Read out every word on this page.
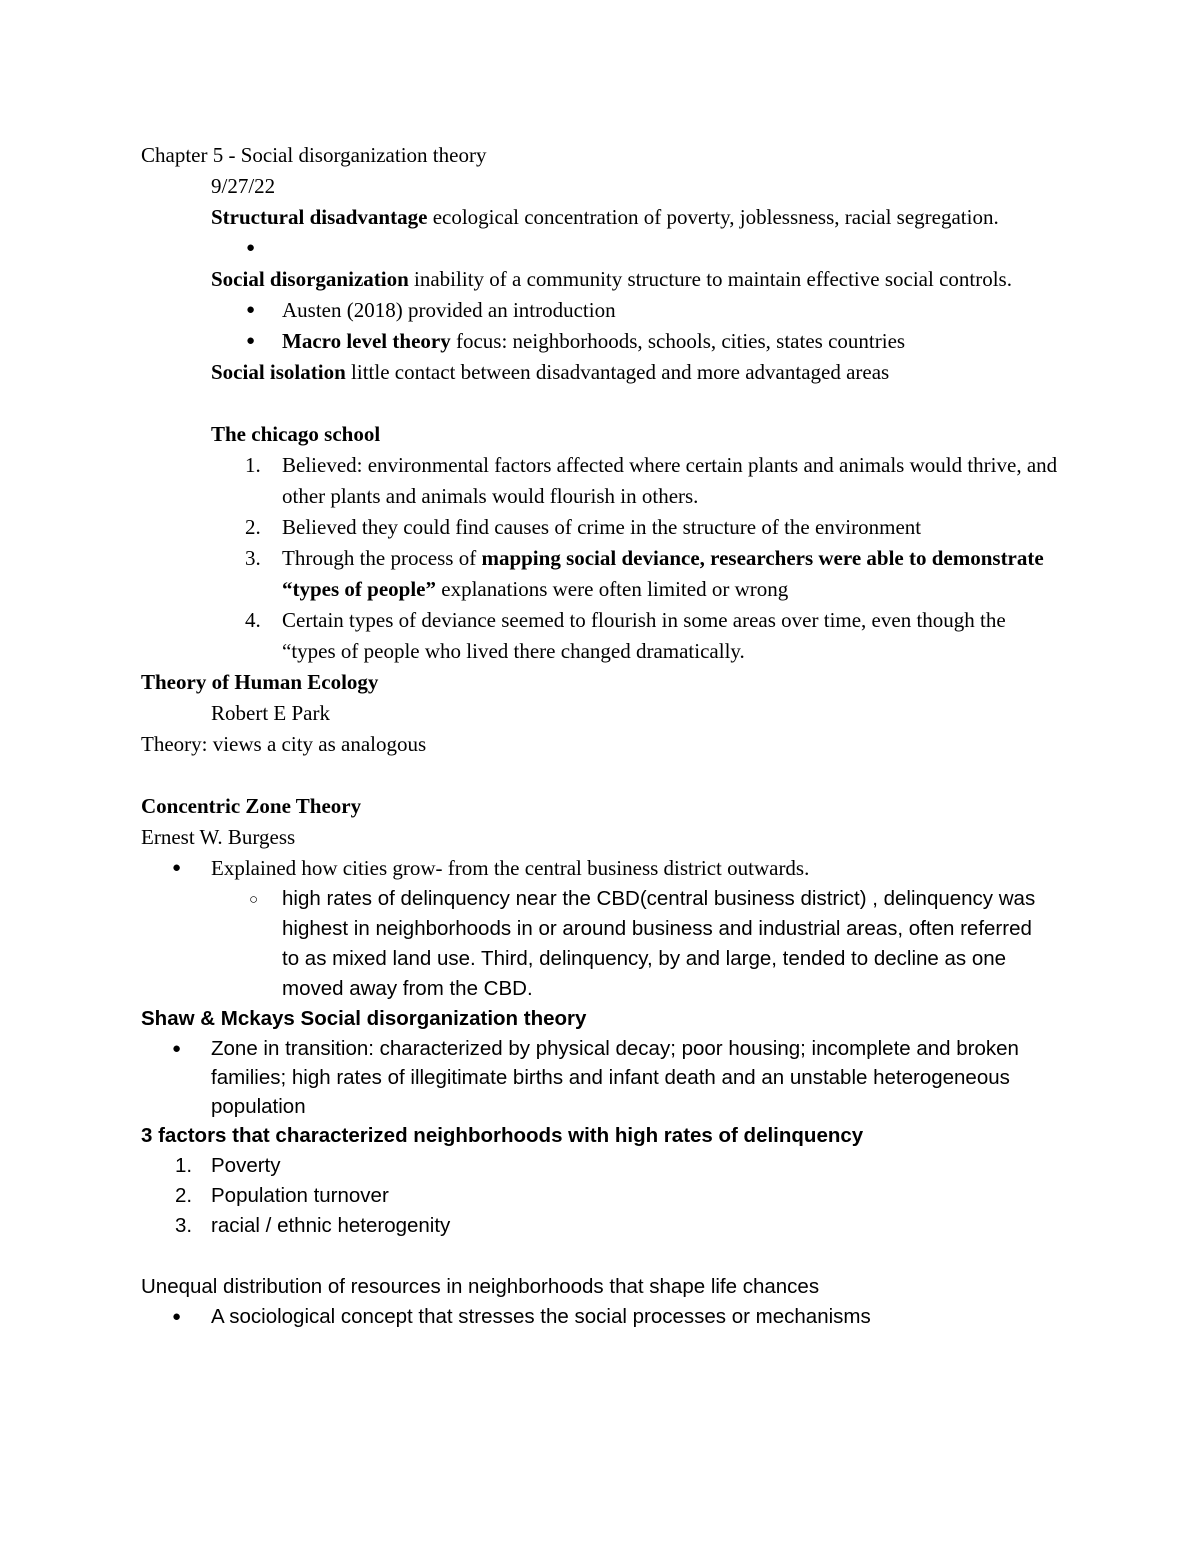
Chapter 5 - Social disorganization theory

9/27/22

Structural disadvantage ecological concentration of poverty, joblessness, racial segregation.

●

Social disorganization inability of a community structure to maintain effective social controls.

● Austen (2018) provided an introduction
● Macro level theory focus: neighborhoods, schools, cities, states countries

Social isolation little contact between disadvantaged and more advantaged areas

The chicago school

1. Believed: environmental factors affected where certain plants and animals would thrive, and other plants and animals would flourish in others.
2. Believed they could find causes of crime in the structure of the environment
3. Through the process of mapping social deviance, researchers were able to demonstrate “types of people” explanations were often limited or wrong
4. Certain types of deviance seemed to flourish in some areas over time, even though the “types of people who lived there changed dramatically.

Theory of Human Ecology

Robert E Park

Theory: views a city as analogous

Concentric Zone Theory

Ernest W. Burgess

● Explained how cities grow- from the central business district outwards.
○ high rates of delinquency near the CBD(central business district) , delinquency was highest in neighborhoods in or around business and industrial areas, often referred to as mixed land use. Third, delinquency, by and large, tended to decline as one moved away from the CBD.

Shaw & Mckays Social disorganization theory

● Zone in transition: characterized by physical decay; poor housing; incomplete and broken families; high rates of illegitimate births and infant death and an unstable heterogeneous population

3 factors that characterized neighborhoods with high rates of delinquency

1. Poverty
2. Population turnover
3. racial / ethnic heterogenity

Unequal distribution of resources in neighborhoods that shape life chances

● A sociological concept that stresses the social processes or mechanisms
